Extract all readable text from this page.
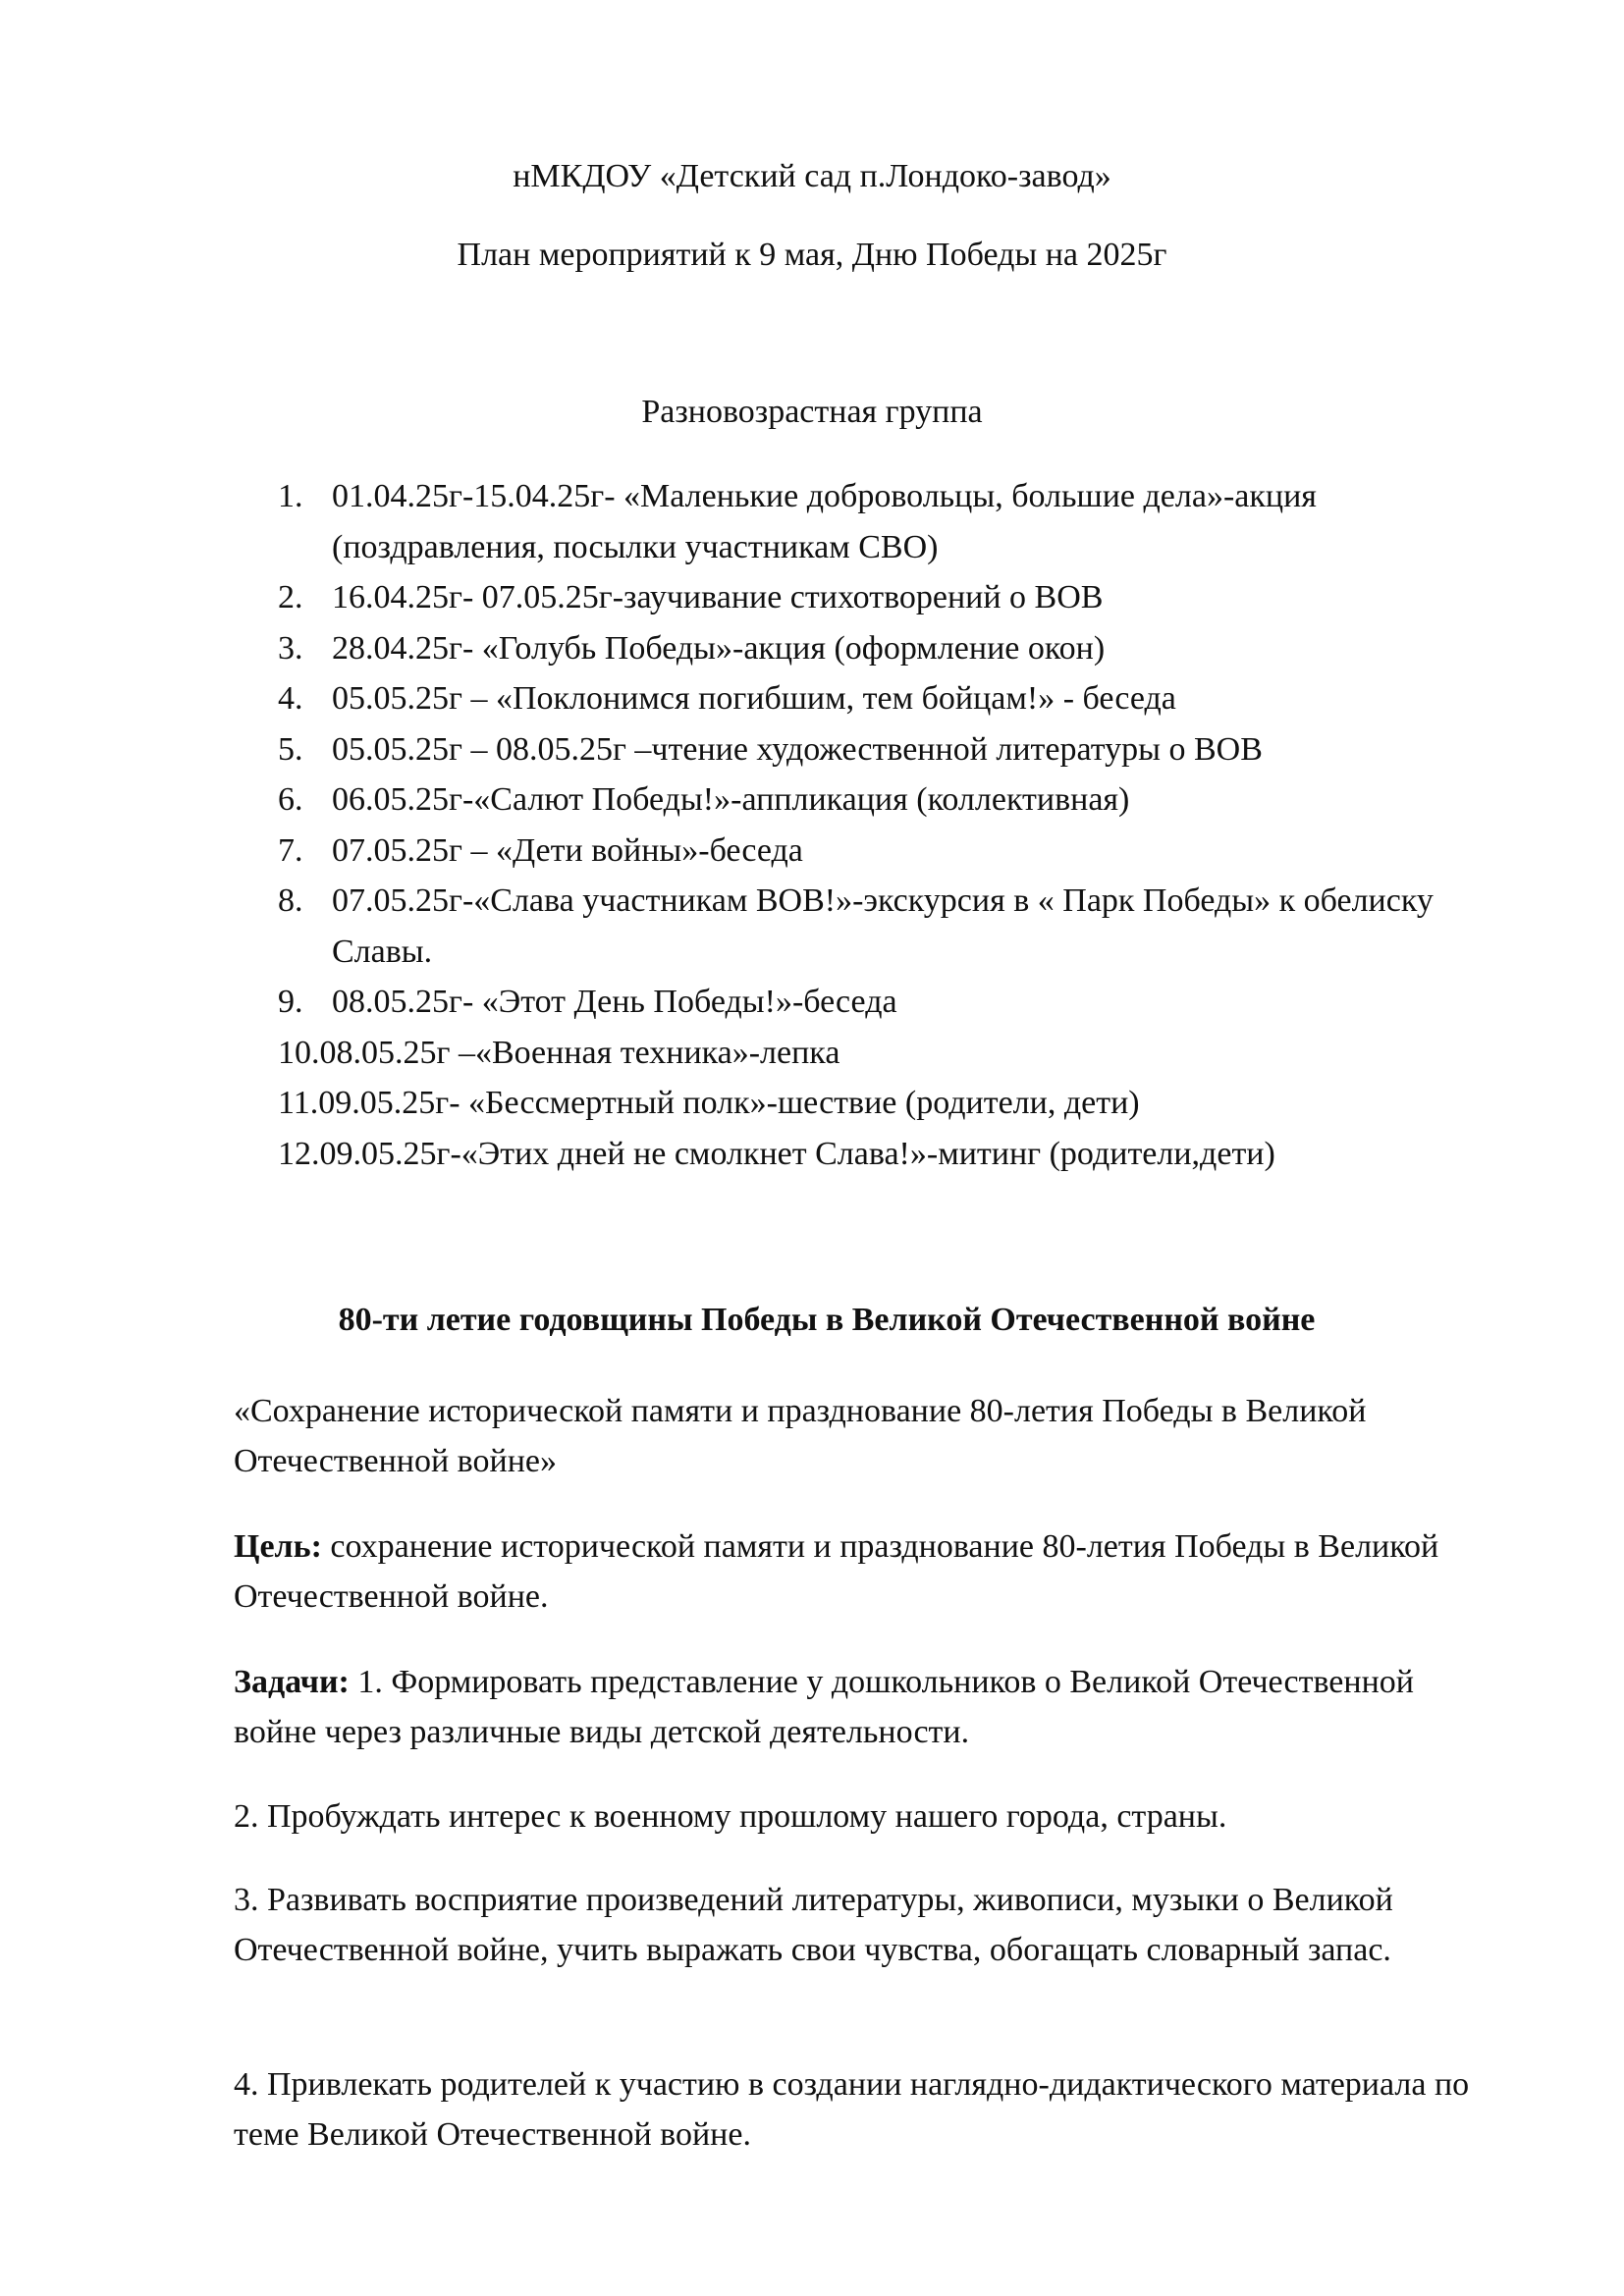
нМКДОУ «Детский сад п.Лондоко-завод»
План мероприятий к 9 мая, Дню Победы на 2025г
Разновозрастная группа
1. 01.04.25г-15.04.25г- «Маленькие добровольцы, большие дела»-акция (поздравления, посылки участникам СВО)
2. 16.04.25г- 07.05.25г-заучивание стихотворений о ВОВ
3. 28.04.25г- «Голубь Победы»-акция (оформление окон)
4. 05.05.25г – «Поклонимся погибшим, тем бойцам!» - беседа
5. 05.05.25г – 08.05.25г –чтение художественной литературы о ВОВ
6. 06.05.25г-«Салют Победы!»-аппликация (коллективная)
7. 07.05.25г – «Дети войны»-беседа
8. 07.05.25г-«Слава участникам ВОВ!»-экскурсия в « Парк Победы» к обелиску Славы.
9. 08.05.25г- «Этот День Победы!»-беседа
10.08.05.25г –«Военная техника»-лепка
11.09.05.25г- «Бессмертный полк»-шествие (родители, дети)
12.09.05.25г-«Этих дней не смолкнет Слава!»-митинг (родители,дети)
80-ти летие годовщины Победы в Великой Отечественной войне
«Сохранение исторической памяти и празднование 80-летия Победы в Великой Отечественной войне»
Цель: сохранение исторической памяти и празднование 80-летия Победы в Великой Отечественной войне.
Задачи: 1. Формировать представление у дошкольников о Великой Отечественной войне через различные виды детской деятельности.
2. Пробуждать интерес к военному прошлому нашего города, страны.
3. Развивать восприятие произведений литературы, живописи, музыки о Великой Отечественной войне, учить выражать свои чувства, обогащать словарный запас.
4. Привлекать родителей к участию в создании наглядно-дидактического материала по теме Великой Отечественной войне.
